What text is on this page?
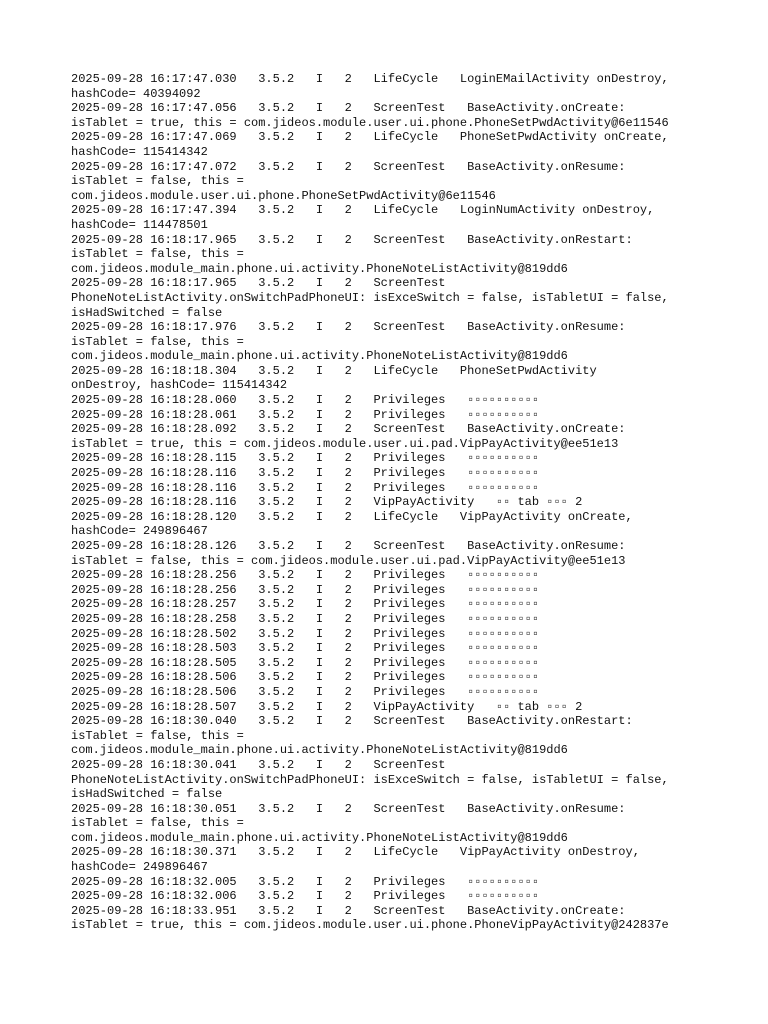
2025-09-28 16:17:47.030   3.5.2   I   2   LifeCycle   LoginEMailActivity onDestroy,
hashCode= 40394092
2025-09-28 16:17:47.056   3.5.2   I   2   ScreenTest   BaseActivity.onCreate:
isTablet = true, this = com.jideos.module.user.ui.phone.PhoneSetPwdActivity@6e11546
2025-09-28 16:17:47.069   3.5.2   I   2   LifeCycle   PhoneSetPwdActivity onCreate,
hashCode= 115414342
2025-09-28 16:17:47.072   3.5.2   I   2   ScreenTest   BaseActivity.onResume:
isTablet = false, this =
com.jideos.module.user.ui.phone.PhoneSetPwdActivity@6e11546
2025-09-28 16:17:47.394   3.5.2   I   2   LifeCycle   LoginNumActivity onDestroy,
hashCode= 114478501
2025-09-28 16:18:17.965   3.5.2   I   2   ScreenTest   BaseActivity.onRestart:
isTablet = false, this =
com.jideos.module_main.phone.ui.activity.PhoneNoteListActivity@819dd6
2025-09-28 16:18:17.965   3.5.2   I   2   ScreenTest
PhoneNoteListActivity.onSwitchPadPhoneUI: isExceSwitch = false, isTabletUI = false,
isHadSwitched = false
2025-09-28 16:18:17.976   3.5.2   I   2   ScreenTest   BaseActivity.onResume:
isTablet = false, this =
com.jideos.module_main.phone.ui.activity.PhoneNoteListActivity@819dd6
2025-09-28 16:18:18.304   3.5.2   I   2   LifeCycle   PhoneSetPwdActivity
onDestroy, hashCode= 115414342
2025-09-28 16:18:28.060   3.5.2   I   2   Privileges   ▫▫▫▫▫▫▫▫▫▫
2025-09-28 16:18:28.061   3.5.2   I   2   Privileges   ▫▫▫▫▫▫▫▫▫▫
2025-09-28 16:18:28.092   3.5.2   I   2   ScreenTest   BaseActivity.onCreate:
isTablet = true, this = com.jideos.module.user.ui.pad.VipPayActivity@ee51e13
2025-09-28 16:18:28.115   3.5.2   I   2   Privileges   ▫▫▫▫▫▫▫▫▫▫
2025-09-28 16:18:28.116   3.5.2   I   2   Privileges   ▫▫▫▫▫▫▫▫▫▫
2025-09-28 16:18:28.116   3.5.2   I   2   Privileges   ▫▫▫▫▫▫▫▫▫▫
2025-09-28 16:18:28.116   3.5.2   I   2   VipPayActivity   ▫▫ tab ▫▫▫ 2
2025-09-28 16:18:28.120   3.5.2   I   2   LifeCycle   VipPayActivity onCreate,
hashCode= 249896467
2025-09-28 16:18:28.126   3.5.2   I   2   ScreenTest   BaseActivity.onResume:
isTablet = false, this = com.jideos.module.user.ui.pad.VipPayActivity@ee51e13
2025-09-28 16:18:28.256   3.5.2   I   2   Privileges   ▫▫▫▫▫▫▫▫▫▫
2025-09-28 16:18:28.256   3.5.2   I   2   Privileges   ▫▫▫▫▫▫▫▫▫▫
2025-09-28 16:18:28.257   3.5.2   I   2   Privileges   ▫▫▫▫▫▫▫▫▫▫
2025-09-28 16:18:28.258   3.5.2   I   2   Privileges   ▫▫▫▫▫▫▫▫▫▫
2025-09-28 16:18:28.502   3.5.2   I   2   Privileges   ▫▫▫▫▫▫▫▫▫▫
2025-09-28 16:18:28.503   3.5.2   I   2   Privileges   ▫▫▫▫▫▫▫▫▫▫
2025-09-28 16:18:28.505   3.5.2   I   2   Privileges   ▫▫▫▫▫▫▫▫▫▫
2025-09-28 16:18:28.506   3.5.2   I   2   Privileges   ▫▫▫▫▫▫▫▫▫▫
2025-09-28 16:18:28.506   3.5.2   I   2   Privileges   ▫▫▫▫▫▫▫▫▫▫
2025-09-28 16:18:28.507   3.5.2   I   2   VipPayActivity   ▫▫ tab ▫▫▫ 2
2025-09-28 16:18:30.040   3.5.2   I   2   ScreenTest   BaseActivity.onRestart:
isTablet = false, this =
com.jideos.module_main.phone.ui.activity.PhoneNoteListActivity@819dd6
2025-09-28 16:18:30.041   3.5.2   I   2   ScreenTest
PhoneNoteListActivity.onSwitchPadPhoneUI: isExceSwitch = false, isTabletUI = false,
isHadSwitched = false
2025-09-28 16:18:30.051   3.5.2   I   2   ScreenTest   BaseActivity.onResume:
isTablet = false, this =
com.jideos.module_main.phone.ui.activity.PhoneNoteListActivity@819dd6
2025-09-28 16:18:30.371   3.5.2   I   2   LifeCycle   VipPayActivity onDestroy,
hashCode= 249896467
2025-09-28 16:18:32.005   3.5.2   I   2   Privileges   ▫▫▫▫▫▫▫▫▫▫
2025-09-28 16:18:32.006   3.5.2   I   2   Privileges   ▫▫▫▫▫▫▫▫▫▫
2025-09-28 16:18:33.951   3.5.2   I   2   ScreenTest   BaseActivity.onCreate:
isTablet = true, this = com.jideos.module.user.ui.phone.PhoneVipPayActivity@242837e
